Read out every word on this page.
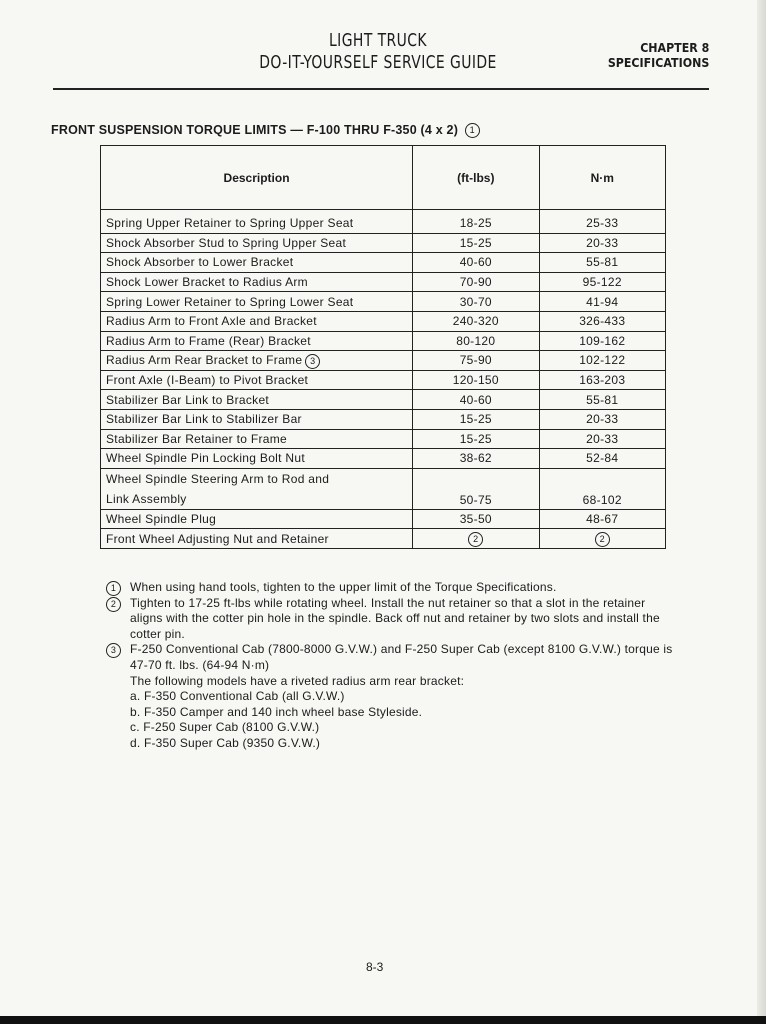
LIGHT TRUCK
DO-IT-YOURSELF SERVICE GUIDE
CHAPTER 8
SPECIFICATIONS
FRONT SUSPENSION TORQUE LIMITS — F-100 THRU F-350 (4 x 2) 1
Description	(ft-lbs)	N·m
Spring Upper Retainer to Spring Upper Seat	18-25	25-33
Shock Absorber Stud to Spring Upper Seat	15-25	20-33
Shock Absorber to Lower Bracket	40-60	55-81
Shock Lower Bracket to Radius Arm	70-90	95-122
Spring Lower Retainer to Spring Lower Seat	30-70	41-94
Radius Arm to Front Axle and Bracket	240-320	326-433
Radius Arm to Frame (Rear) Bracket	80-120	109-162
Radius Arm Rear Bracket to Frame 3	75-90	102-122
Front Axle (I-Beam) to Pivot Bracket	120-150	163-203
Stabilizer Bar Link to Bracket	40-60	55-81
Stabilizer Bar Link to Stabilizer Bar	15-25	20-33
Stabilizer Bar Retainer to Frame	15-25	20-33
Wheel Spindle Pin Locking Bolt Nut	38-62	52-84
Wheel Spindle Steering Arm to Rod and
Link Assembly	50-75	68-102
Wheel Spindle Plug	35-50	48-67
Front Wheel Adjusting Nut and Retainer	2	2
1	When using hand tools, tighten to the upper limit of the Torque Specifications.
2	Tighten to 17-25 ft-lbs while rotating wheel. Install the nut retainer so that a slot in the retainer aligns with the cotter pin hole in the spindle. Back off nut and retainer by two slots and install the cotter pin.
3	F-250 Conventional Cab (7800-8000 G.V.W.) and F-250 Super Cab (except 8100 G.V.W.) torque is 47-70 ft. lbs. (64-94 N·m)
The following models have a riveted radius arm rear bracket:
a. F-350 Conventional Cab (all G.V.W.)
b. F-350 Camper and 140 inch wheel base Styleside.
c. F-250 Super Cab (8100 G.V.W.)
d. F-350 Super Cab (9350 G.V.W.)
8-3
